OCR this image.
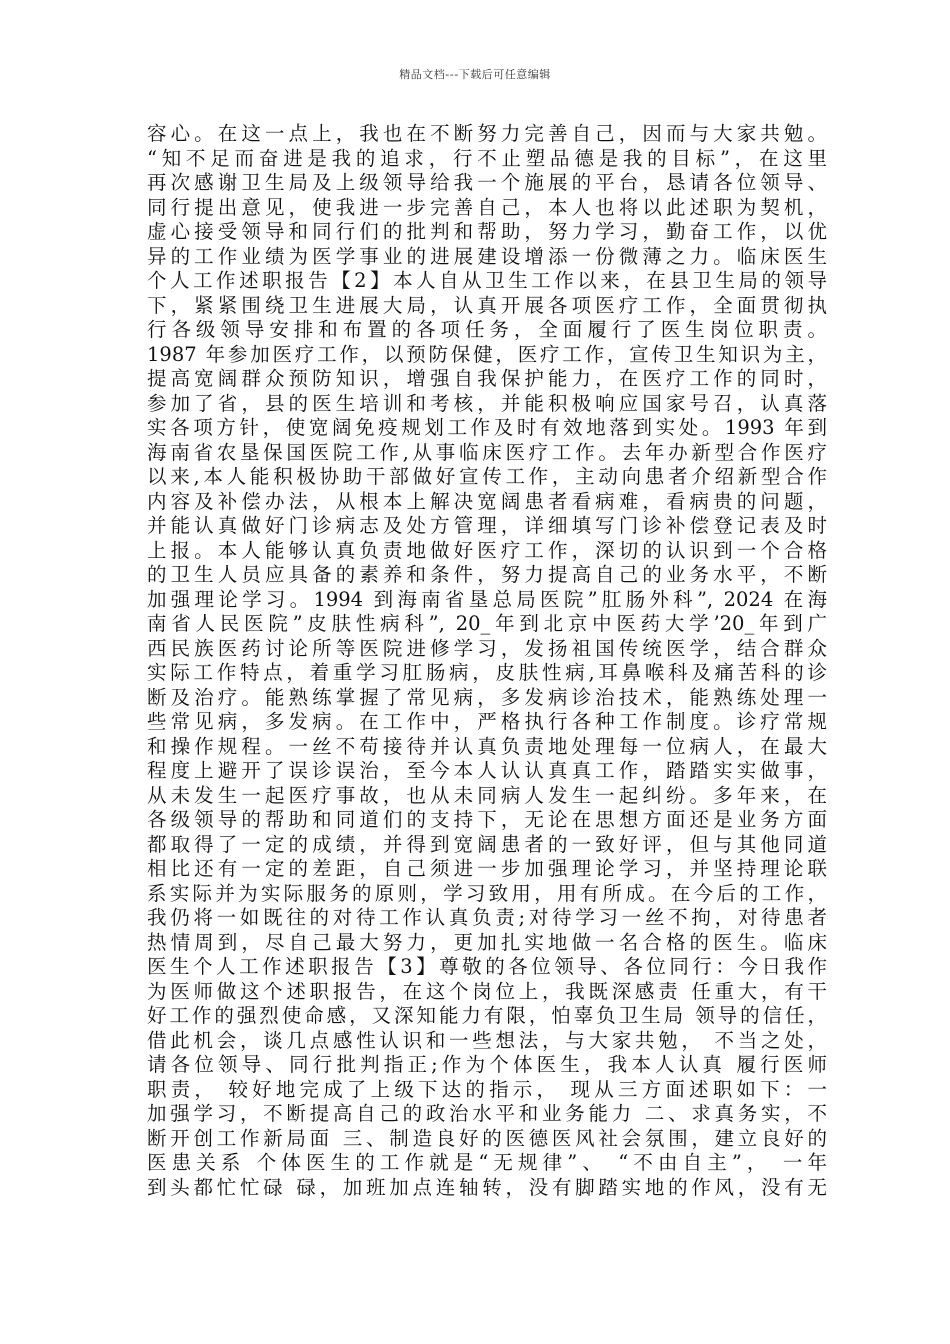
精品文档---下载后可任意编辑
容心。在这一点上，我也在不断努力完善自己，因而与大家共勉。
“知不足而奋进是我的追求，行不止塑品德是我的目标”，在这里
再次感谢卫生局及上级领导给我一个施展的平台，恳请各位领导、
同行提出意见，使我进一步完善自己，本人也将以此述职为契机，
虚心接受领导和同行们的批判和帮助，努力学习，勤奋工作，以优
异的工作业绩为医学事业的进展建设增添一份微薄之力。临床医生
个人工作述职报告【2】本人自从卫生工作以来，在县卫生局的领导
下，紧紧围绕卫生进展大局，认真开展各项医疗工作，全面贯彻执
行各级领导安排和布置的各项任务，全面履行了医生岗位职责。
1987 年参加医疗工作，以预防保健，医疗工作，宣传卫生知识为主，
提高宽阔群众预防知识，增强自我保护能力，在医疗工作的同时，
参加了省，县的医生培训和考核，并能积极响应国家号召，认真落
实各项方针，使宽阔免疫规划工作及时有效地落到实处。1993 年到
海南省农垦保国医院工作,从事临床医疗工作。去年办新型合作医疗
以来,本人能积极协助干部做好宣传工作，主动向患者介绍新型合作
内容及补偿办法，从根本上解决宽阔患者看病难，看病贵的问题，
并能认真做好门诊病志及处方管理，详细填写门诊补偿登记表及时
上报。本人能够认真负责地做好医疗工作，深切的认识到一个合格
的卫生人员应具备的素养和条件，努力提高自己的业务水平，不断
加强理论学习。1994 到海南省垦总局医院”肛肠外科”, 2024 在海
南省人民医院”皮肤性病科”, 20_年到北京中医药大学’20_年到广
西民族医药讨论所等医院进修学习，发扬祖国传统医学，结合群众
实际工作特点，着重学习肛肠病，皮肤性病,耳鼻喉科及痛苦科的诊
断及治疗。能熟练掌握了常见病，多发病诊治技术，能熟练处理一
些常见病，多发病。在工作中，严格执行各种工作制度。诊疗常规
和操作规程。一丝不苟接待并认真负责地处理每一位病人，在最大
程度上避开了误诊误治，至今本人认认真真工作，踏踏实实做事，
从未发生一起医疗事故，也从未同病人发生一起纠纷。多年来，在
各级领导的帮助和同道们的支持下，无论在思想方面还是业务方面
都取得了一定的成绩，并得到宽阔患者的一致好评，但与其他同道
相比还有一定的差距，自己须进一步加强理论学习，并坚持理论联
系实际并为实际服务的原则，学习致用，用有所成。在今后的工作，
我仍将一如既往的对待工作认真负责;对待学习一丝不拘，对待患者
热情周到，尽自己最大努力，更加扎实地做一名合格的医生。临床
医生个人工作述职报告【3】尊敬的各位领导、各位同行：今日我作
为医师做这个述职报告，在这个岗位上，我既深感责 任重大，有干
好工作的强烈使命感，又深知能力有限，怕辜负卫生局 领导的信任，
借此机会，谈几点感性认识和一些想法，与大家共勉， 不当之处，
请各位领导、同行批判指正;作为个体医生，我本人认真 履行医师
职责， 较好地完成了上级下达的指示， 现从三方面述职如下：一
加强学习，不断提高自己的政治水平和业务能力 二、求真务实，不
断开创工作新局面 三、制造良好的医德医风社会氛围，建立良好的
医患关系 个体医生的工作就是“无规律”、 “不由自主”， 一年
到头都忙忙碌 碌，加班加点连轴转，没有脚踏实地的作风，没有无
